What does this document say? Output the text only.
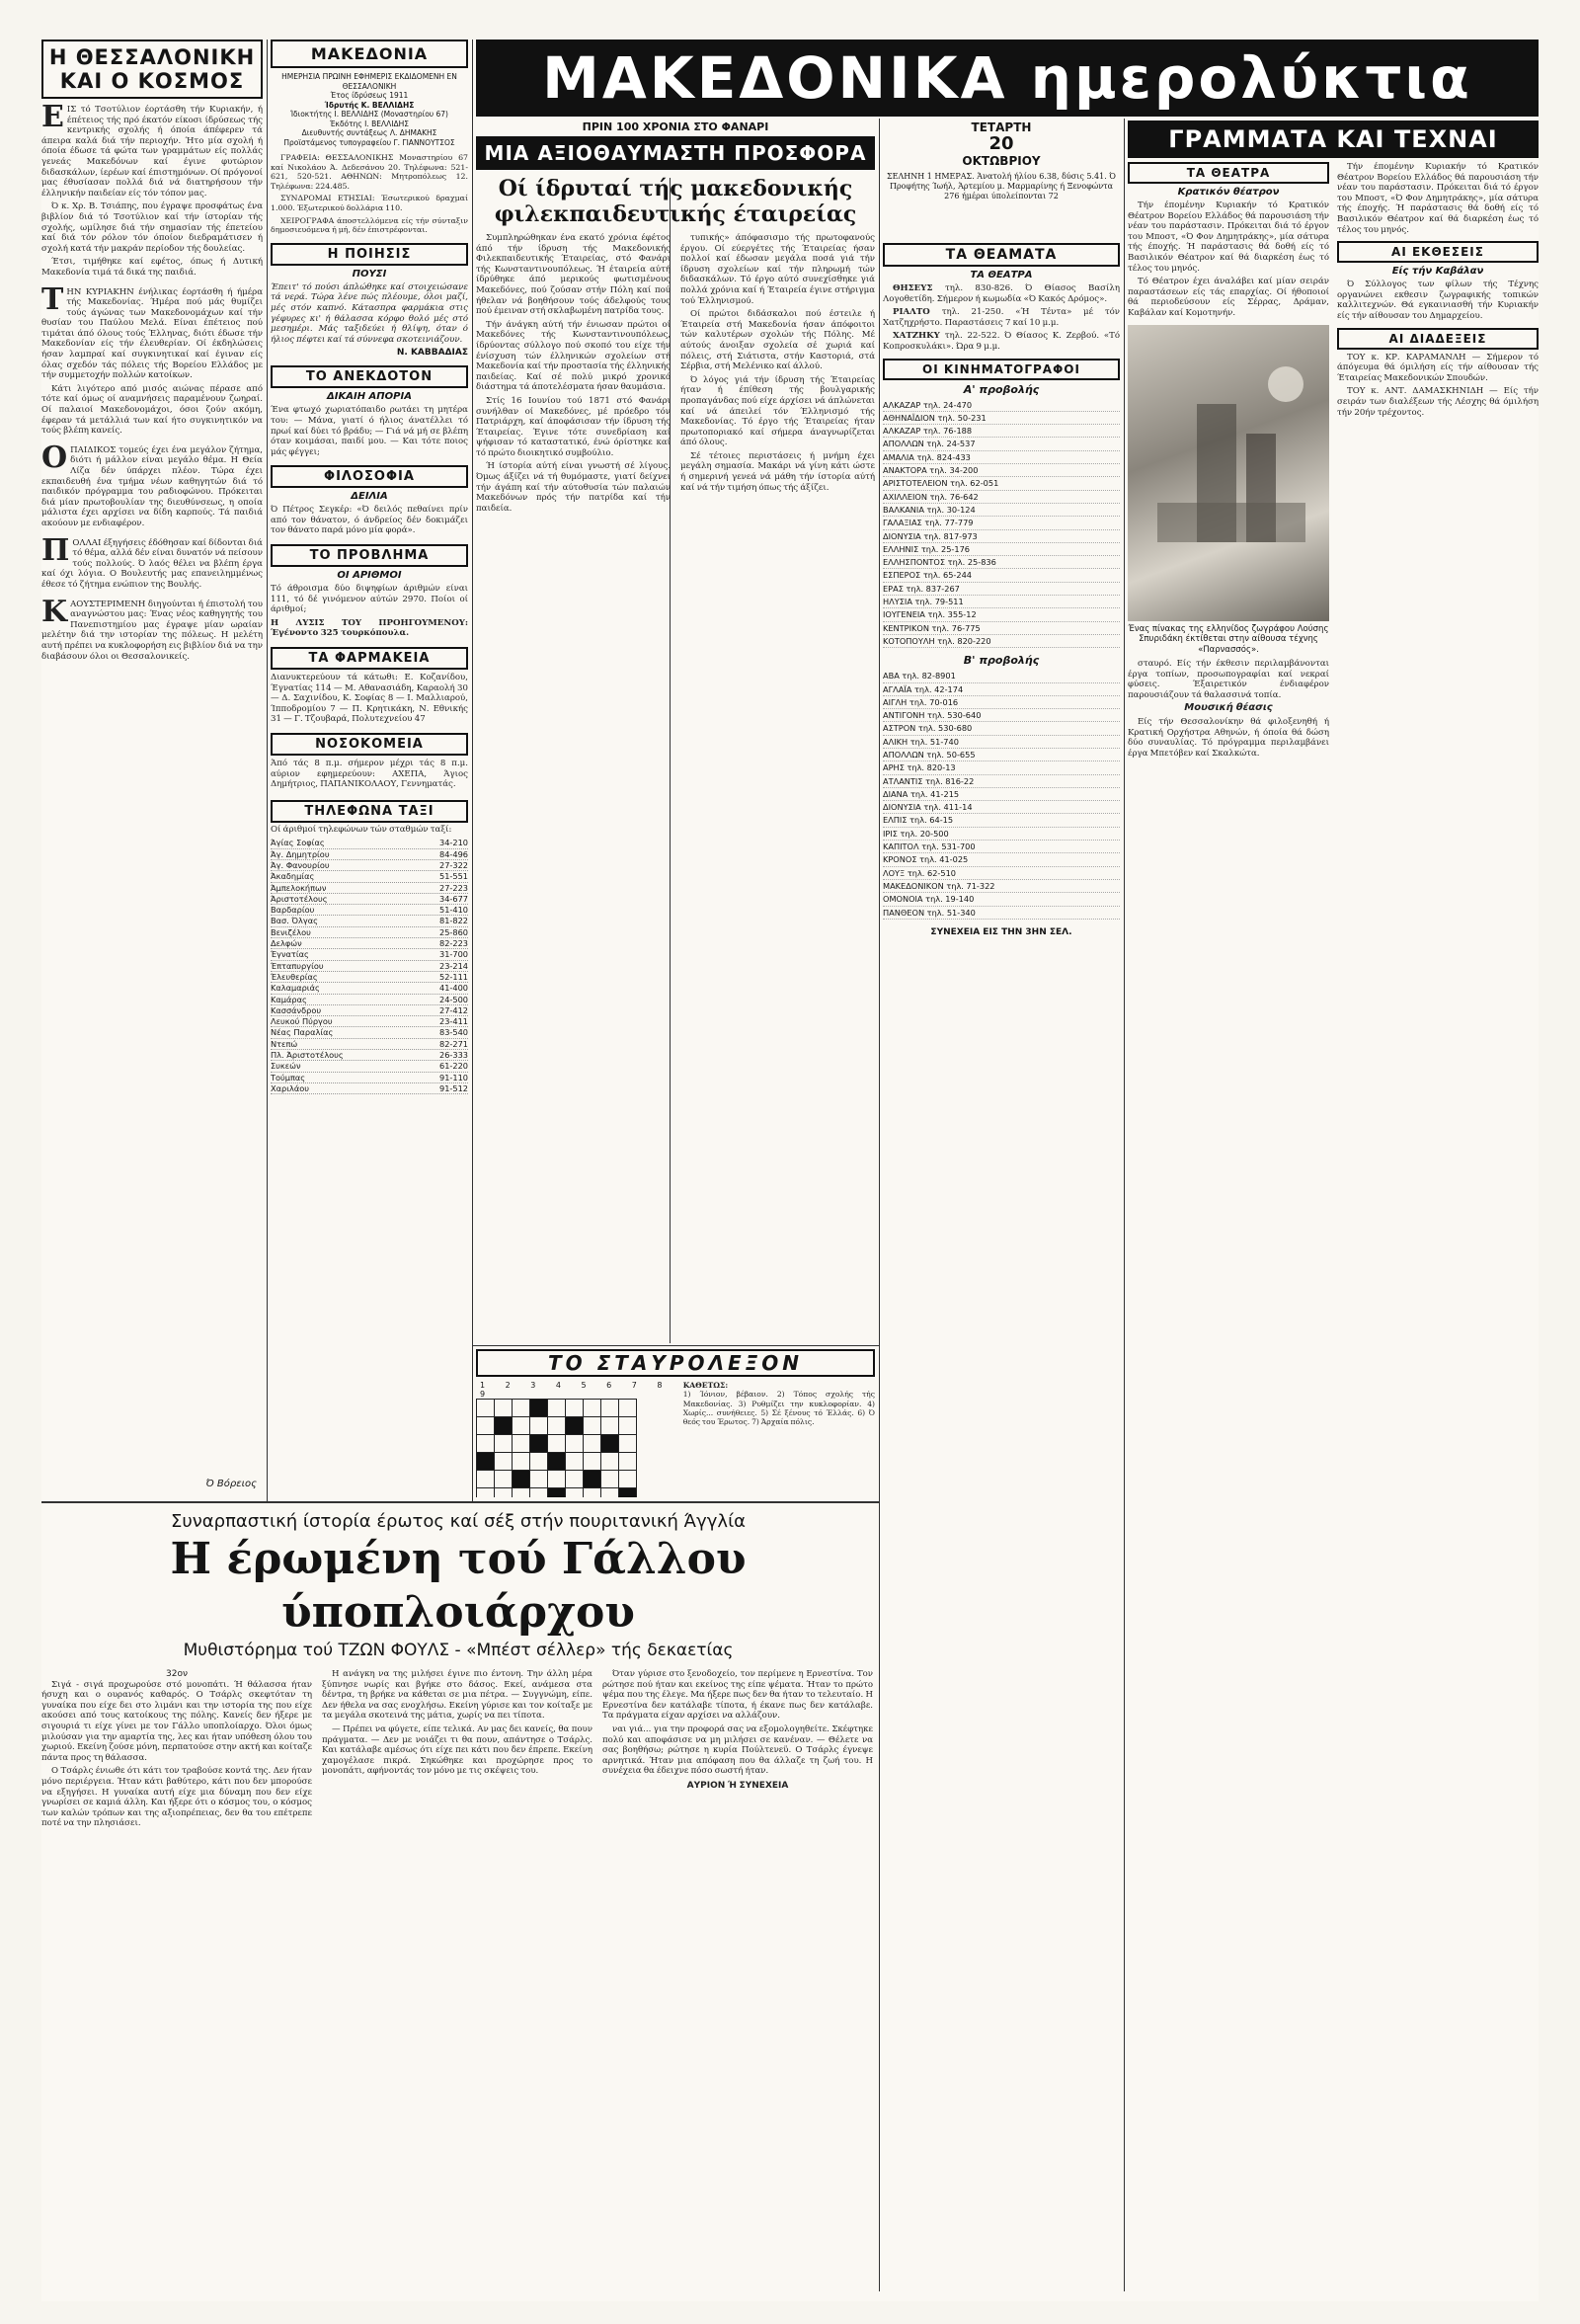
Η ΘΕΣΣΑΛΟΝΙΚΗ
ΚΑΙ Ο ΚΟΣΜΟΣ

ΕΙΣ τό Τσοτύλιον έορτάσθη τήν Κυριακήν, ή έπέτειος τής πρό έκατόν είκοσι ίδρύσεως τής κεντρικής σχολής ή όποία άπέφερεν τά άπειρα καλά διά τήν περιοχήν. Ήτο μία σχολή ή όποία έδωσε τά φώτα των γραμμάτων είς πολλάς γενεάς Μακεδόνων καί έγινε φυτώριον διδασκάλων, ίερέων καί έπιστημόνων. Οί πρόγονοί μας έθυσίασαν πολλά διά νά διατηρήσουν τήν έλληνικήν παιδείαν είς τόν τόπον μας.

Ό κ. Χρ. Β. Τσιάπης, που έγραψε προσφάτως ένα βιβλίον διά τό Τσοτύλιον καί τήν ίστορίαν τής σχολής, ωμίλησε διά τήν σημασίαν τής έπετείου καί διά τόν ρόλον τόν όποίον διεδραμάτισεν ή σχολή κατά τήν μακράν περίοδον τής δουλείας.

Έτσι, τιμήθηκε καί εφέτος, όπως ή Δυτική Μακεδονία τιμά τά δικά της παιδιά.

ΤΗΝ ΚΥΡΙΑΚΗΝ ένήλικας έορτάσθη ή ήμέρα τής Μακεδονίας. Ήμέρα πού μάς θυμίζει τούς άγώνας των Μακεδονομάχων καί τήν θυσίαν του Παύλου Μελά. Είναι έπέτειος πού τιμάται άπό όλους τούς Έλληνας, διότι έδωσε τήν Μακεδονίαν είς τήν έλευθερίαν. Οί έκδηλώσεις ήσαν λαμπραί καί συγκινητικαί καί έγιναν είς όλας σχεδόν τάς πόλεις τής Βορείου Ελλάδος με τήν συμμετοχήν πολλών κατοίκων.

Κάτι λιγότερο από μισός αιώνας πέρασε από τότε καί όμως οί αναμνήσεις παραμένουν ζωηραί. Οί παλαιοί Μακεδονομάχοι, όσοι ζούν ακόμη, έφεραν τά μετάλλιά των καί ήτο συγκινητικόν να τούς βλέπη κανείς.

ΟΠΑΙΔΙΚΟΣ τομεύς έχει ένα μεγάλον ζήτημα, διότι ή μάλλον είναι μεγάλο θέμα. Η Θεία Λίζα δέν ύπάρχει πλέον. Τώρα έχει εκπαιδευθή ένα τμήμα νέων καθηγητών διά τό παιδικόν πρόγραμμα του ραδιοφώνου. Πρόκειται διά μίαν πρωτοβουλίαν της διευθύνσεως, η οποία μάλιστα έχει αρχίσει να δίδη καρπούς. Τά παιδιά ακούουν με ενδιαφέρον.

ΠΟΛΛΑΙ έξηγήσεις έδόθησαν καί δίδονται διά τό θέμα, αλλά δέν είναι δυνατόν νά πείσουν τούς πολλούς. Ό λαός θέλει να βλέπη έργα καί όχι λόγια. Ο Βουλευτής μας επανειλημμένως έθεσε τό ζήτημα ενώπιον της Βουλής.

ΚΑΟΥΣΤΕΡΙΜΕΝΗ διηγούνται ή έπιστολή του αναγνώστου μας: Ένας νέος καθηγητής του Πανεπιστημίου μας έγραψε μίαν ωραίαν μελέτην διά την ιστορίαν της πόλεως. Η μελέτη αυτή πρέπει να κυκλοφορήση εις βιβλίον διά να την διαβάσουν όλοι οι Θεσσαλονικείς.

Ό Βόρειος
ΜΑΚΕΔΟΝΙΚΑ ημερολύκτια
ΜΑΚΕΔΟΝΙΑ
ΗΜΕΡΗΣΙΑ ΠΡΩΙΝΗ ΕΦΗΜΕΡΙΣ ΕΚΔΙΔΟΜΕΝΗ ΕΝ ΘΕΣΣΑΛΟΝΙΚΗ
Έτος ίδρύσεως 1911
Ίδρυτής Κ. ΒΕΛΛΙΔΗΣ
Ίδιοκτήτης Ι. ΒΕΛΛΙΔΗΣ (Μοναστηρίου 67)
Έκδότης Ι. ΒΕΛΛΙΔΗΣ
Διευθυντής συντάξεως Λ. ΔΗΜΑΚΗΣ
Προϊστάμενος τυπογραφείου Γ. ΓΙΑΝΝΟΥΤΣΟΣ

ΓΡΑΦΕΙΑ: ΘΕΣΣΑΛΟΝΙΚΗΣ Μοναστηρίου 67 καί Νικολάου Ά. Δεδεσάνου 20. Τηλέφωνα: 521-621, 520-521. ΑΘΗΝΩΝ: Μητροπόλεως 12. Τηλέφωνα: 224.485.

ΣΥΝΔΡΟΜΑΙ ΕΤΗΣΙΑΙ: Έσωτερικού δραχμαί 1.000. Έξωτερικού δολλάρια 110.

ΧΕΙΡΟΓΡΑΦΑ άποστελλόμενα είς τήν σύνταξιν δημοσιευόμενα ή μή, δέν έπιστρέφονται.

Η ΠΟΙΗΣΙΣ
ΠΟΥΣΙ

Έπειτ' τό πούσι άπλώθηκε καί στοιχειώσανε τά νερά. Τώρα λένε πώς πλέουμε, όλοι μαζί, μές στόν καπνό. Κάτασπρα φαρμάκια στις γέφυρες κι' ή θάλασσα κόρφο θολό μές στό μεσημέρι. Μάς ταξιδεύει ή θλίψη, όταν ό ήλιος πέφτει καί τά σύννεφα σκοτεινιάζουν.

Ν. ΚΑΒΒΑΔΙΑΣ
ΤΟ ΑΝΕΚΔΟΤΟΝ
ΔΙΚΑΙΗ ΑΠΟΡΙΑ

Ένα φτωχό χωριατόπαιδο ρωτάει τη μητέρα του: — Μάνα, γιατί ό ήλιος άνατέλλει τό πρωί καί δύει τό βράδυ; — Γιά νά μή σε βλέπη όταν κοιμάσαι, παιδί μου. — Και τότε ποιος μάς φέγγει;

ΦΙΛΟΣΟΦΙΑ
ΔΕΙΛΙΑ

Ό Πέτρος Σεγκέρ: «Ό δειλός πεθαίνει πρίν από τον θάνατον, ό άνδρείος δέν δοκιμάζει τον θάνατο παρά μόνο μία φορά».

ΤΟ ΠΡΟΒΛΗΜΑ
ΟΙ ΑΡΙΘΜΟΙ

Τό άθροισμα δύο διψηφίων άριθμών είναι 111, τό δέ γινόμενον αύτών 2970. Ποίοι οί άριθμοί;

Η ΛΥΣΙΣ ΤΟΥ ΠΡΟΗΓΟΥΜΕΝΟΥ: Έγένοντο 325 τουρκόπουλα.

ΤΑ ΦΑΡΜΑΚΕΙΑ

Διανυκτερεύουν τά κάτωθι: Ε. Κοζανίδου, Έγνατίας 114 — Μ. Αθανασιάδη, Καραολή 30 — Δ. Σαχινίδου, Κ. Σοφίας 8 — Ι. Μαλλιαρού, Ίπποδρομίου 7 — Π. Κρητικάκη, Ν. Εθνικής 31 — Γ. Τζουβαρά, Πολυτεχνείου 47

ΝΟΣΟΚΟΜΕΙΑ

Άπό τάς 8 π.μ. σήμερον μέχρι τάς 8 π.μ. αύριον εφημερεύουν: ΑΧΕΠΑ, Άγιος Δημήτριος, ΠΑΠΑΝΙΚΟΛΑΟΥ, Γεννηματάς.

ΤΗΛΕΦΩΝΑ ΤΑΞΙ

Οί άριθμοί τηλεφώνων τών σταθμών ταξί:

Άγίας Σοφίας	34-210
Άγ. Δημητρίου	84-496
Άγ. Φανουρίου	27-322
Άκαδημίας	51-551
Άμπελοκήπων	27-223
Άριστοτέλους	34-677
Βαρδαρίου	51-410
Βασ. Όλγας	81-822
Βενιζέλου	25-860
Δελφών	82-223
Έγνατίας	31-700
Έπταπυργίου	23-214
Έλευθερίας	52-111
Καλαμαριάς	41-400
Καμάρας	24-500
Κασσάνδρου	27-412
Λευκού Πύργου	23-411
Νέας Παραλίας	83-540
Ντεπώ	82-271
Πλ. Άριστοτέλους	26-333
Συκεών	61-220
Τούμπας	91-110
Χαριλάου	91-512
ΠΡΙΝ 100 ΧΡΟΝΙΑ ΣΤΟ ΦΑΝΑΡΙ
ΜΙΑ ΑΞΙΟΘΑΥΜΑΣΤΗ ΠΡΟΣΦΟΡΑ
Οί ίδρυταί τής μακεδονικής
φιλεκπαιδευτικής έταιρείας

Συμπληρώθηκαν ένα εκατό χρόνια έφέτος άπό τήν ίδρυση τής Μακεδονικής Φιλεκπαιδευτικής Έταιρείας, στό Φανάρι τής Κωνσταντινουπόλεως. Ή έταιρεία αύτή ίδρύθηκε άπό μερικούς φωτισμένους Μακεδόνες, πού ζούσαν στήν Πόλη καί πού ήθελαν νά βοηθήσουν τούς άδελφούς τους πού έμειναν στή σκλαβωμένη πατρίδα τους.

Τήν άνάγκη αύτή τήν ένιωσαν πρώτοι οί Μακεδόνες τής Κωνσταντινουπόλεως, ίδρύοντας σύλλογο πού σκοπό του είχε τήν ένίσχυση τών έλληνικών σχολείων στή Μακεδονία καί τήν προστασία τής έλληνικής παιδείας. Καί σέ πολύ μικρό χρονικό διάστημα τά άποτελέσματα ήσαν θαυμάσια.

Στίς 16 Ιουνίου τού 1871 στό Φανάρι συνήλθαν οί Μακεδόνες, μέ πρόεδρο τόν Πατριάρχη, καί άποφάσισαν τήν ίδρυση τής Έταιρείας. Έγινε τότε συνεδρίαση καί ψήφισαν τό καταστατικό, ένώ όρίστηκε καί τό πρώτο διοικητικό συμβούλιο.

Ή ίστορία αύτή είναι γνωστή σέ λίγους. Όμως άξίζει νά τή θυμόμαστε, γιατί δείχνει τήν άγάπη καί τήν αύτοθυσία τών παλαιών Μακεδόνων πρός τήν πατρίδα καί τήν παιδεία.

τυπικής» άπόφασισμο τής πρωτοφανούς έργου. Οί εύεργέτες τής Έταιρείας ήσαν πολλοί καί έδωσαν μεγάλα ποσά γιά τήν ίδρυση σχολείων καί τήν πληρωμή τών διδασκάλων. Τό έργο αύτό συνεχίσθηκε γιά πολλά χρόνια καί ή Έταιρεία έγινε στήριγμα τού Έλληνισμού.

Οί πρώτοι διδάσκαλοι πού έστειλε ή Έταιρεία στή Μακεδονία ήσαν άπόφοιτοι τών καλυτέρων σχολών τής Πόλης. Μέ αύτούς άνοιξαν σχολεία σέ χωριά καί πόλεις, στή Σιάτιστα, στήν Καστοριά, στά Σέρβια, στή Μελένικο καί άλλού.

Ό λόγος γιά τήν ίδρυση τής Έταιρείας ήταν ή έπίθεση τής βουλγαρικής προπαγάνδας πού είχε άρχίσει νά άπλώνεται καί νά άπειλεί τόν Έλληνισμό τής Μακεδονίας. Τό έργο τής Έταιρείας ήταν πρωτοποριακό καί σήμερα άναγνωρίζεται άπό όλους.

Σέ τέτοιες περιστάσεις ή μνήμη έχει μεγάλη σημασία. Μακάρι νά γίνη κάτι ώστε ή σημερινή γενεά νά μάθη τήν ίστορία αύτή καί νά τήν τιμήση όπως τής άξίζει.

ΤΟ ΣΤΑΥΡΟΛΕΞΟΝ
1 2 3 4 5 6 7 8 9

ΚΑΘΕΤΩΣ:
1) Ίόνιον, βέβαιον. 2) Τόπος σχολής τής Μακεδονίας. 3) Ρυθμίζει την κυκλοφορίαν. 4) Χωρίς... συνήθειες. 5) Σέ ξένους τό Έλλάς. 6) Ό θεός του Έρωτος. 7) Άρχαία πόλις.
ΤΕΤΑΡΤΗ
20
ΟΚΤΩΒΡΙΟΥ
ΣΕΛΗΝΗ 1 ΗΜΕΡΑΣ. Άνατολή ήλίου 6.38, δύσις 5.41. Ό Προφήτης Ίωήλ, Άρτεμίου μ. Μαρμαρίνης ή Ξενοφώντα 276 ήμέραι ύπολείπονται 72
ΤΑ ΘΕΑΜΑΤΑ
ΤΑ ΘΕΑΤΡΑ

ΘΗΣΕΥΣ τηλ. 830-826. Ό Θίασος Βασίλη Λογοθετίδη. Σήμερον ή κωμωδία «Ό Κακός Δρόμος».

ΡΙΑΛΤΟ τηλ. 21-250. «Ή Τέντα» μέ τόν Χατζηχρήστο. Παραστάσεις 7 καί 10 μ.μ.

ΧΑΤΖΗΚΥ τηλ. 22-522. Ό Θίασος Κ. Ζερβού. «Τό Κοπροσκυλάκι». Ώρα 9 μ.μ.

ΟΙ ΚΙΝΗΜΑΤΟΓΡΑΦΟΙ
Α' προβολής
ΑΛΚΑΖΑΡ τηλ. 24-470
ΑΘΗΝΑΪΔΙΟΝ τηλ. 50-231
ΑΛΚΑΖΑΡ τηλ. 76-188
ΑΠΟΛΛΩΝ τηλ. 24-537
ΑΜΑΛΙΑ τηλ. 824-433
ΑΝΑΚΤΟΡΑ τηλ. 34-200
ΑΡΙΣΤΟΤΕΛΕΙΟΝ τηλ. 62-051
ΑΧΙΛΛΕΙΟΝ τηλ. 76-642
ΒΑΛΚΑΝΙΑ τηλ. 30-124
ΓΑΛΑΞΙΑΣ τηλ. 77-779
ΔΙΟΝΥΣΙΑ τηλ. 817-973
ΕΛΛΗΝΙΣ τηλ. 25-176
ΕΛΛΗΣΠΟΝΤΟΣ τηλ. 25-836
ΕΣΠΕΡΟΣ τηλ. 65-244
ΕΡΑΣ τηλ. 837-267
ΗΛΥΣΙΑ τηλ. 79-511
ΙΟΥΓΕΝΕΙΑ τηλ. 355-12
ΚΕΝΤΡΙΚΟΝ τηλ. 76-775
ΚΟΤΟΠΟΥΛΗ τηλ. 820-220
Β' προβολής
ΑΒΑ τηλ. 82-8901
ΑΓΛΑΪΑ τηλ. 42-174
ΑΙΓΛΗ τηλ. 70-016
ΑΝΤΙΓΟΝΗ τηλ. 530-640
ΑΣΤΡΟΝ τηλ. 530-680
ΑΛΙΚΗ τηλ. 51-740
ΑΠΟΛΛΩΝ τηλ. 50-655
ΑΡΗΣ τηλ. 820-13
ΑΤΛΑΝΤΙΣ τηλ. 816-22
ΔΙΑΝΑ τηλ. 41-215
ΔΙΟΝΥΣΙΑ τηλ. 411-14
ΕΛΠΙΣ τηλ. 64-15
ΙΡΙΣ τηλ. 20-500
ΚΑΠΙΤΟΛ τηλ. 531-700
ΚΡΟΝΟΣ τηλ. 41-025
ΛΟΥΞ τηλ. 62-510
ΜΑΚΕΔΟΝΙΚΟΝ τηλ. 71-322
ΟΜΟΝΟΙΑ τηλ. 19-140
ΠΑΝΘΕΟΝ τηλ. 51-340
ΣΥΝΕΧΕΙΑ ΕΙΣ ΤΗΝ 3ΗΝ ΣΕΛ.
ΓΡΑΜΜΑΤΑ ΚΑΙ ΤΕΧΝΑΙ
ΤΑ ΘΕΑΤΡΑ
Κρατικόν θέατρον

Τήν έπομένην Κυριακήν τό Κρατικόν Θέατρον Βορείου Ελλάδος θά παρουσιάση τήν νέαν του παράστασιν. Πρόκειται διά τό έργον του Μποστ, «Ό Φον Δημητράκης», μία σάτυρα τής έποχής. Ή παράστασις θά δοθή είς τό Βασιλικόν Θέατρον καί θά διαρκέση έως τό τέλος του μηνός.

Τό Θέατρον έχει άναλάβει καί μίαν σειράν παραστάσεων είς τάς επαρχίας. Οί ήθοποιοί θά περιοδεύσουν είς Σέρρας, Δράμαν, Καβάλαν καί Κομοτηνήν.

Ένας πίνακας της ελληνίδος ζωγράφου Λούσης Σπυριδάκη έκτίθεται στην αίθουσα τέχνης «Παρνασσός».

σταυρό. Είς τήν έκθεσιν περιλαμβάνονται έργα τοπίων, προσωπογραφίαι καί νεκραί φύσεις. Έξαιρετικόν ένδιαφέρον παρουσιάζουν τά θαλασσινά τοπία.

Μουσική θέασις

Είς τήν Θεσσαλονίκην θά φιλοξενηθή ή Κρατική Ορχήστρα Αθηνών, ή όποία θά δώση δύο συναυλίας. Τό πρόγραμμα περιλαμβάνει έργα Μπετόβεν καί Σκαλκώτα.

Τήν έπομένην Κυριακήν τό Κρατικόν Θέατρον Βορείου Ελλάδος θά παρουσιάση τήν νέαν του παράστασιν. Πρόκειται διά τό έργον του Μποστ, «Ό Φον Δημητράκης», μία σάτυρα τής έποχής. Ή παράστασις θά δοθή είς τό Βασιλικόν Θέατρον καί θά διαρκέση έως τό τέλος του μηνός.

ΑΙ ΕΚΘΕΣΕΙΣ
Είς τήν Καβάλαν

Ό Σύλλογος των φίλων τής Τέχνης οργανώνει εκθεσιν ζωγραφικής τοπικών καλλιτεχνών. Θά εγκαινιασθή τήν Κυριακήν είς τήν αίθουσαν του Δημαρχείου.

ΑΙ ΔΙΑΔΕΞΕΙΣ

ΤΟΥ κ. ΚΡ. ΚΑΡΑΜΑΝΛΗ — Σήμερον τό άπόγευμα θά όμιλήση είς τήν αίθουσαν τής Έταιρείας Μακεδονικών Σπουδών.

ΤΟΥ κ. ΑΝΤ. ΔΑΜΑΣΚΗΝΙΔΗ — Είς τήν σειράν των διαλέξεων τής Λέσχης θά όμιλήση τήν 20ήν τρέχοντος.

Συναρπαστική ίστορία έρωτος καί σέξ στήν πουριτανική Άγγλία
Η έρωμένη τού Γάλλου ύποπλοιάρχου
Μυθιστόρημα τού ΤΖΩΝ ΦΟΥΛΣ - «Μπέστ σέλλερ» τής δεκαετίας
32ον

Σιγά - σιγά προχωρούσε στό μονοπάτι. Ή θάλασσα ήταν ήσυχη και ο ουρανός καθαρός. Ο Τσάρλς σκεφτόταν τη γυναίκα που είχε δει στο λιμάνι και την ιστορία της που είχε ακούσει από τους κατοίκους της πόλης. Κανείς δεν ήξερε με σιγουριά τι είχε γίνει με τον Γάλλο υποπλοίαρχο. Όλοι όμως μιλούσαν για την αμαρτία της, λες και ήταν υπόθεση όλου του χωριού. Εκείνη ζούσε μόνη, περπατούσε στην ακτή και κοίταζε πάντα προς τη θάλασσα.

Ο Τσάρλς ένιωθε ότι κάτι τον τραβούσε κοντά της. Δεν ήταν μόνο περιέργεια. Ήταν κάτι βαθύτερο, κάτι που δεν μπορούσε να εξηγήσει. Η γυναίκα αυτή είχε μια δύναμη που δεν είχε γνωρίσει σε καμιά άλλη. Και ήξερε ότι ο κόσμος του, ο κόσμος των καλών τρόπων και της αξιοπρέπειας, δεν θα του επέτρεπε ποτέ να την πλησιάσει.

Η ανάγκη να της μιλήσει έγινε πιο έντονη. Την άλλη μέρα ξύπνησε νωρίς και βγήκε στο δάσος. Εκεί, ανάμεσα στα δέντρα, τη βρήκε να κάθεται σε μια πέτρα. — Συγγνώμη, είπε. Δεν ήθελα να σας ενοχλήσω. Εκείνη γύρισε και τον κοίταξε με τα μεγάλα σκοτεινά της μάτια, χωρίς να πει τίποτα.

— Πρέπει να φύγετε, είπε τελικά. Αν μας δει κανείς, θα πουν πράγματα. — Δεν με νοιάζει τι θα πουν, απάντησε ο Τσάρλς. Και κατάλαβε αμέσως ότι είχε πει κάτι που δεν έπρεπε. Εκείνη χαμογέλασε πικρά. Σηκώθηκε και προχώρησε προς το μονοπάτι, αφήνοντάς τον μόνο με τις σκέψεις του.

Όταν γύρισε στο ξενοδοχείο, τον περίμενε η Ερνεστίνα. Τον ρώτησε πού ήταν και εκείνος της είπε ψέματα. Ήταν το πρώτο ψέμα που της έλεγε. Μα ήξερε πως δεν θα ήταν το τελευταίο. Η Ερνεστίνα δεν κατάλαβε τίποτα, ή έκανε πως δεν κατάλαβε. Τα πράγματα είχαν αρχίσει να αλλάζουν.

ναι γιά... για την προφορά σας να εξομολογηθείτε. Σκέφτηκε πολύ και αποφάσισε να μη μιλήσει σε κανέναν. — Θέλετε να σας βοηθήσω; ρώτησε η κυρία Πούλτενεϋ. Ο Τσάρλς έγνεψε αρνητικά. Ήταν μια απόφαση που θα άλλαζε τη ζωή του. Η συνέχεια θα έδειχνε πόσο σωστή ήταν.

ΑΥΡΙΟΝ Ή ΣΥΝΕΧΕΙΑ
